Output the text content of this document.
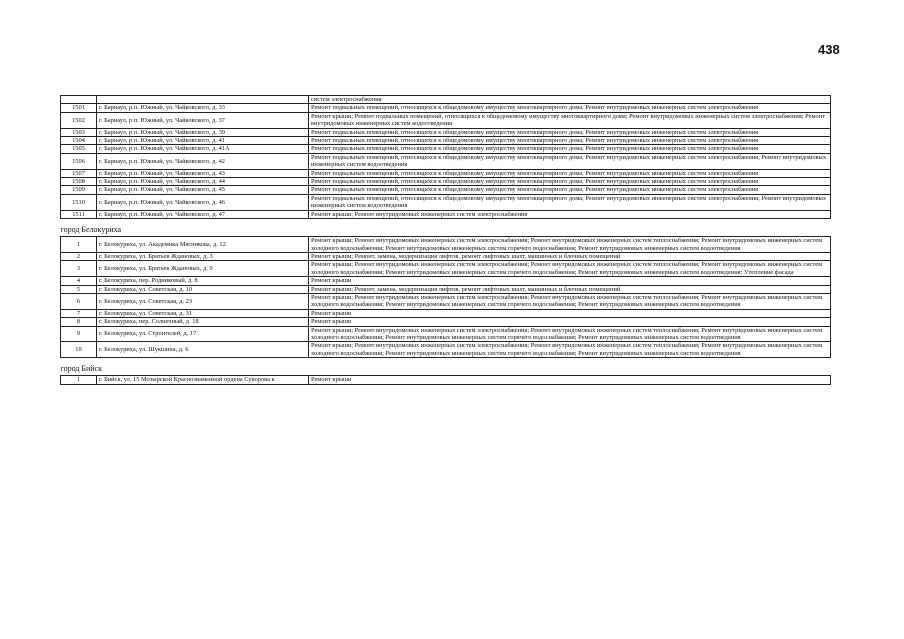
438
		систем электроснабжения
1501	г. Барнаул, р.п. Южный, ул. Чайковского, д. 33	Ремонт подвальных помещений, относящихся к общедомовому имуществу многоквартирного дома; Ремонт внутридомовых инженерных систем электроснабжения
1502	г. Барнаул, р.п. Южный, ул. Чайковского, д. 37	Ремонт крыши; Ремонт подвальных помещений, относящихся к общедомовому имуществу многоквартирного дома; Ремонт внутридомовых инженерных систем электроснабжения; Ремонт внутридомовых инженерных систем водоотведения
1503	г. Барнаул, р.п. Южный, ул. Чайковского, д. 39	Ремонт подвальных помещений, относящихся к общедомовому имуществу многоквартирного дома; Ремонт внутридомовых инженерных систем электроснабжения
1504	г. Барнаул, р.п. Южный, ул. Чайковского, д. 41	Ремонт подвальных помещений, относящихся к общедомовому имуществу многоквартирного дома; Ремонт внутридомовых инженерных систем электроснабжения
1505	г. Барнаул, р.п. Южный, ул. Чайковского, д. 41А	Ремонт подвальных помещений, относящихся к общедомовому имуществу многоквартирного дома; Ремонт внутридомовых инженерных систем электроснабжения
1506	г. Барнаул, р.п. Южный, ул. Чайковского, д. 42	Ремонт подвальных помещений, относящихся к общедомовому имуществу многоквартирного дома; Ремонт внутридомовых инженерных систем электроснабжения; Ремонт внутридомовых инженерных систем водоотведения
1507	г. Барнаул, р.п. Южный, ул. Чайковского, д. 43	Ремонт подвальных помещений, относящихся к общедомовому имуществу многоквартирного дома; Ремонт внутридомовых инженерных систем электроснабжения
1508	г. Барнаул, р.п. Южный, ул. Чайковского, д. 44	Ремонт подвальных помещений, относящихся к общедомовому имуществу многоквартирного дома; Ремонт внутридомовых инженерных систем электроснабжения
1509	г. Барнаул, р.п. Южный, ул. Чайковского, д. 45	Ремонт подвальных помещений, относящихся к общедомовому имуществу многоквартирного дома; Ремонт внутридомовых инженерных систем электроснабжения
1510	г. Барнаул, р.п. Южный, ул. Чайковского, д. 46	Ремонт подвальных помещений, относящихся к общедомовому имуществу многоквартирного дома; Ремонт внутридомовых инженерных систем электроснабжения; Ремонт внутридомовых инженерных систем водоотведения
1511	г. Барнаул, р.п. Южный, ул. Чайковского, д. 47	Ремонт крыши; Ремонт внутридомовых инженерных систем электроснабжения
город Белокуриха		
1	г. Белокуриха, ул. Академика Мясникова, д. 12	Ремонт крыши; Ремонт внутридомовых инженерных систем электроснабжения; Ремонт внутридомовых инженерных систем теплоснабжения; Ремонт внутридомовых инженерных систем холодного водоснабжения; Ремонт внутридомовых инженерных систем горячего водоснабжения; Ремонт внутридомовых инженерных систем водоотведения
2	г. Белокуриха, ул. Братьев Ждановых, д. 3	Ремонт крыши; Ремонт, замена, модернизация лифтов, ремонт лифтовых шахт, машинных и блочных помещений
3	г. Белокуриха, ул. Братьев Ждановых, д. 9	Ремонт крыши; Ремонт внутридомовых инженерных систем электроснабжения; Ремонт внутридомовых инженерных систем теплоснабжения; Ремонт внутридомовых инженерных систем холодного водоснабжения; Ремонт внутридомовых инженерных систем горячего водоснабжения; Ремонт внутридомовых инженерных систем водоотведения; Утепление фасада
4	г. Белокуриха, пер. Родниковый, д. 8	Ремонт крыши
5	г. Белокуриха, ул. Советская, д. 10	Ремонт крыши; Ремонт, замена, модернизация лифтов, ремонт лифтовых шахт, машинных и блочных помещений
6	г. Белокуриха, ул. Советская, д. 23	Ремонт крыши; Ремонт внутридомовых инженерных систем электроснабжения; Ремонт внутридомовых инженерных систем теплоснабжения; Ремонт внутридомовых инженерных систем холодного водоснабжения; Ремонт внутридомовых инженерных систем горячего водоснабжения; Ремонт внутридомовых инженерных систем водоотведения
7	г. Белокуриха, ул. Советская, д. 31	Ремонт крыши
8	г. Белокуриха, пер. Солнечный, д. 18	Ремонт крыши
9	г. Белокуриха, ул. Строителей, д. 17	Ремонт крыши; Ремонт внутридомовых инженерных систем электроснабжения; Ремонт внутридомовых инженерных систем теплоснабжения; Ремонт внутридомовых инженерных систем холодного водоснабжения; Ремонт внутридомовых инженерных систем горячего водоснабжения; Ремонт внутридомовых инженерных систем водоотведения
10	г. Белокуриха, ул. Шукшина, д. 6	Ремонт крыши; Ремонт внутридомовых инженерных систем электроснабжения; Ремонт внутридомовых инженерных систем теплоснабжения; Ремонт внутридомовых инженерных систем холодного водоснабжения; Ремонт внутридомовых инженерных систем горячего водоснабжения; Ремонт внутридомовых инженерных систем водоотведения
город Бийск		
1	г. Бийск, ул. 15 Мозырской Краснознаменной ордена Суворова к	Ремонт крыши
